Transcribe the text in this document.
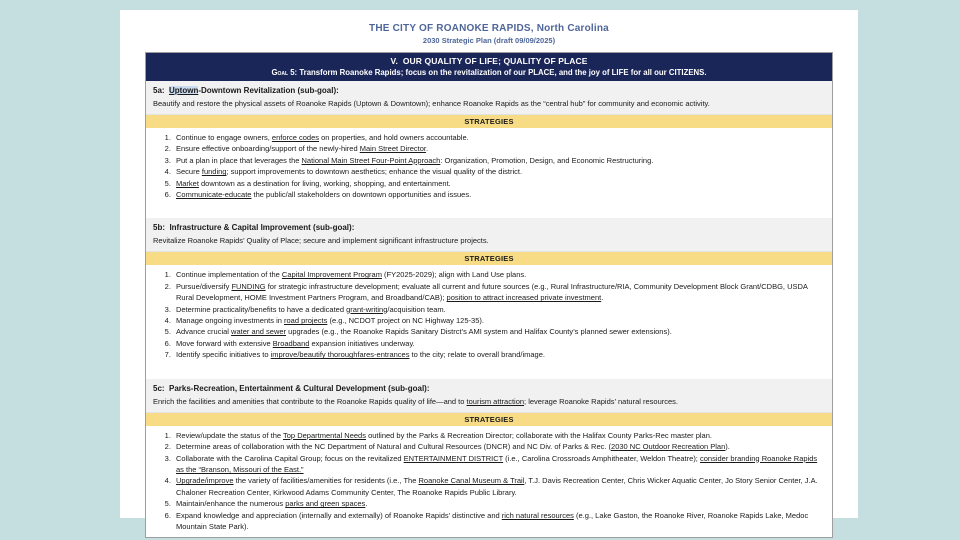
THE CITY OF ROANOKE RAPIDS, North Carolina
2030 Strategic Plan (draft 09/09/2025)
V.  OUR QUALITY OF LIFE; QUALITY OF PLACE
Goal 5: Transform Roanoke Rapids; focus on the revitalization of our PLACE, and the joy of LIFE for all our CITIZENS.
5a:  Uptown-Downtown Revitalization (sub-goal):
Beautify and restore the physical assets of Roanoke Rapids (Uptown & Downtown); enhance Roanoke Rapids as the “central hub” for community and economic activity.
STRATEGIES
1. Continue to engage owners, enforce codes on properties, and hold owners accountable.
2. Ensure effective onboarding/support of the newly-hired Main Street Director.
3. Put a plan in place that leverages the National Main Street Four-Point Approach: Organization, Promotion, Design, and Economic Restructuring.
4. Secure funding; support improvements to downtown aesthetics; enhance the visual quality of the district.
5. Market downtown as a destination for living, working, shopping, and entertainment.
6. Communicate-educate the public/all stakeholders on downtown opportunities and issues.
5b:  Infrastructure & Capital Improvement (sub-goal):
Revitalize Roanoke Rapids’ Quality of Place; secure and implement significant infrastructure projects.
STRATEGIES
1. Continue implementation of the Capital Improvement Program (FY2025-2029); align with Land Use plans.
2. Pursue/diversify FUNDING for strategic infrastructure development; evaluate all current and future sources (e.g., Rural Infrastructure/RIA, Community Development Block Grant/CDBG, USDA Rural Development, HOME Investment Partners Program, and Broadband/CAB); position to attract increased private investment.
3. Determine practicality/benefits to have a dedicated grant-writing/acquisition team.
4. Manage ongoing investments in road projects (e.g., NCDOT project on NC Highway 125-35).
5. Advance crucial water and sewer upgrades (e.g., the Roanoke Rapids Sanitary Distrct’s AMI system and Halifax County’s planned sewer extensions).
6. Move forward with extensive Broadband expansion initiatives underway.
7. Identify specific initiatives to improve/beautify thoroughfares-entrances to the city; relate to overall brand/image.
5c:  Parks-Recreation, Entertainment & Cultural Development (sub-goal):
Enrich the facilities and amenities that contribute to the Roanoke Rapids quality of life—and to tourism attraction; leverage Roanoke Rapids’ natural resources.
STRATEGIES
1. Review/update the status of the Top Departmental Needs outlined by the Parks & Recreation Director; collaborate with the Halifax County Parks-Rec master plan.
2. Determine areas of collaboration with the NC Department of Natural and Cultural Resources (DNCR) and NC Div. of Parks & Rec. (2030 NC Outdoor Recreation Plan).
3. Collaborate with the Carolina Capital Group; focus on the revitalized ENTERTAINMENT DISTRICT (i.e., Carolina Crossroads Amphitheater, Weldon Theatre); consider branding Roanoke Rapids as the “Branson, Missouri of the East.”
4. Upgrade/improve the variety of facilities/amenities for residents (i.e., The Roanoke Canal Museum & Trail, T.J. Davis Recreation Center, Chris Wicker Aquatic Center, Jo Story Senior Center, J.A. Chaloner Recreation Center, Kirkwood Adams Community Center, The Roanoke Rapids Public Library.
5. Maintain/enhance the numerous parks and green spaces.
6. Expand knowledge and appreciation (internally and externally) of Roanoke Rapids’ distinctive and rich natural resources (e.g., Lake Gaston, the Roanoke River, Roanoke Rapids Lake, Medoc Mountain State Park).
